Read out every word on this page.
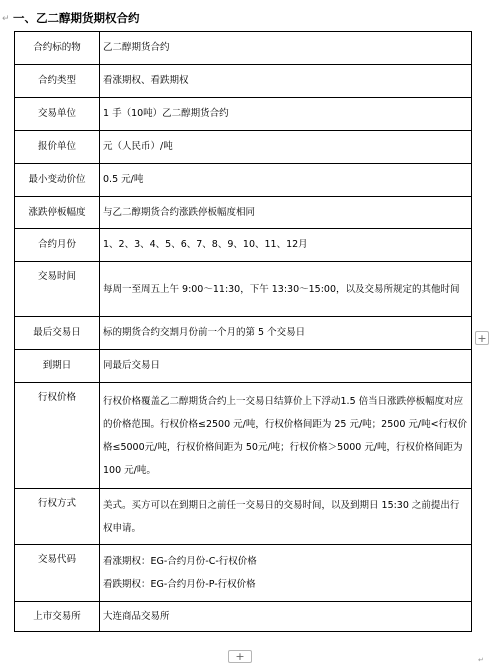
↵ 一、乙二醇期货期权合约
合约标的物	乙二醇期货合约
合约类型	看涨期权、看跌期权
交易单位	1 手（10吨）乙二醇期货合约
报价单位	元（人民币）/吨
最小变动价位	0.5 元/吨
涨跌停板幅度	与乙二醇期货合约涨跌停板幅度相同
合约月份	1、2、3、4、5、6、7、8、9、10、11、12月
交易时间	每周一至周五上午 9:00～11:30，下午 13:30～15:00，以及交易所规定的其他时间
最后交易日	标的期货合约交割月份前一个月的第 5 个交易日
到期日	同最后交易日
行权价格	行权价格覆盖乙二醇期货合约上一交易日结算价上下浮动1.5 倍当日涨跌停板幅度对应的价格范围。行权价格≤2500 元/吨，行权价格间距为 25 元/吨；2500 元/吨<行权价格≤5000元/吨，行权价格间距为 50元/吨；行权价格＞5000 元/吨，行权价格间距为 100 元/吨。
行权方式	美式。买方可以在到期日之前任一交易日的交易时间，以及到期日 15:30 之前提出行权申请。
交易代码	看涨期权：EG-合约月份-C-行权价格
看跌期权：EG-合约月份-P-行权价格

上市交易所	大连商品交易所
+
+	↵
